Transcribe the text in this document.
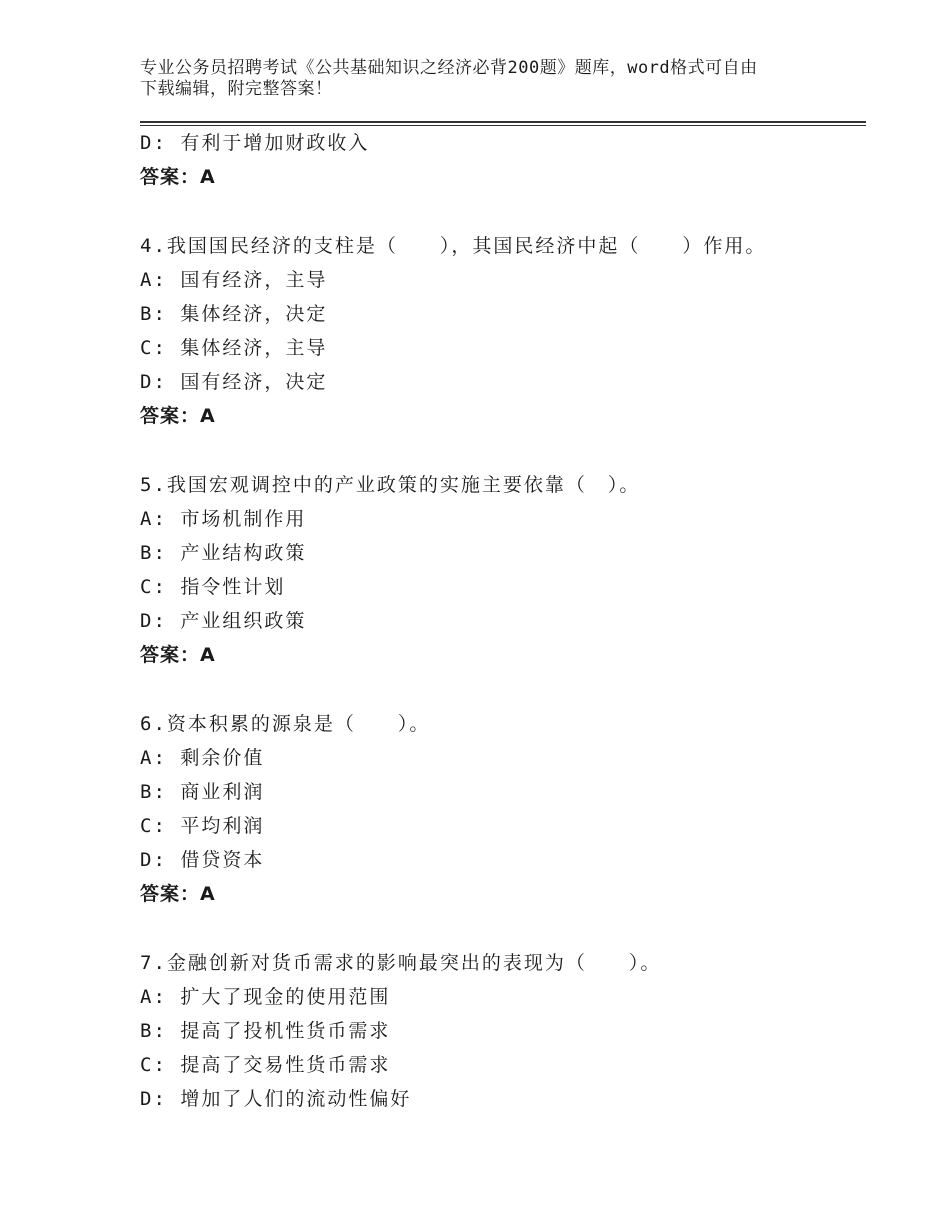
专业公务员招聘考试《公共基础知识之经济必背200题》题库，word格式可自由
下载编辑，附完整答案！
D: 有利于增加财政收入
答案：A
4.我国国民经济的支柱是（　　），其国民经济中起（　　）作用。
A: 国有经济，主导
B: 集体经济，决定
C: 集体经济，主导
D: 国有经济，决定
答案：A
5.我国宏观调控中的产业政策的实施主要依靠（　）。
A: 市场机制作用
B: 产业结构政策
C: 指令性计划
D: 产业组织政策
答案：A
6.资本积累的源泉是（　　）。
A: 剩余价值
B: 商业利润
C: 平均利润
D: 借贷资本
答案：A
7.金融创新对货币需求的影响最突出的表现为（　　）。
A: 扩大了现金的使用范围
B: 提高了投机性货币需求
C: 提高了交易性货币需求
D: 增加了人们的流动性偏好
